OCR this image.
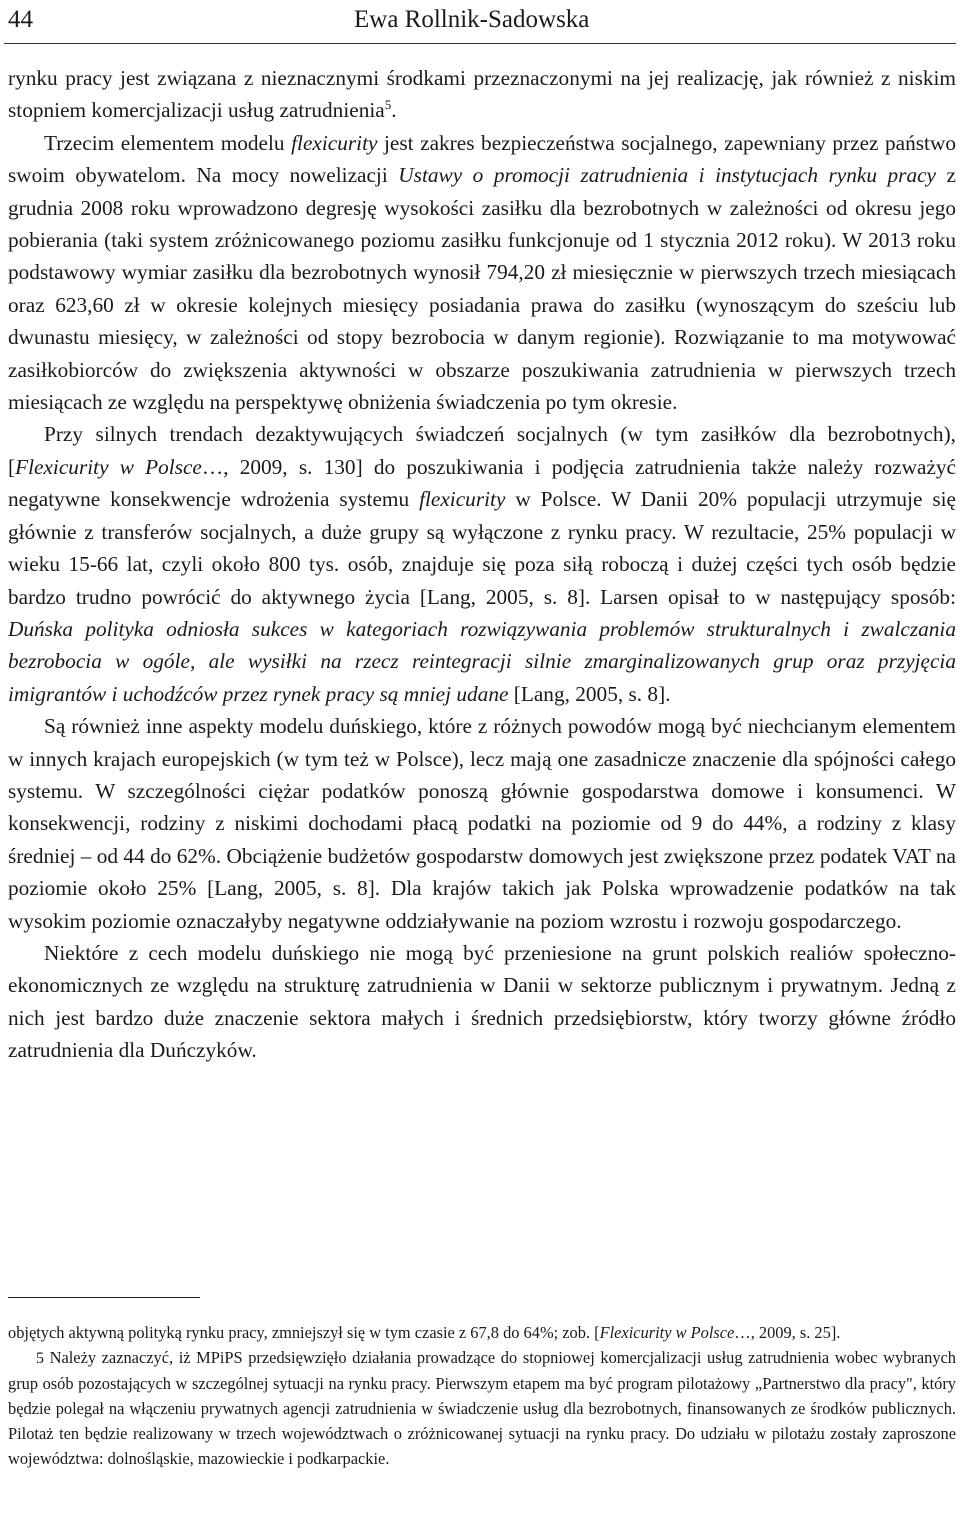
44	Ewa Rollnik-Sadowska

rynku pracy jest związana z nieznacznymi środkami przeznaczonymi na jej realizację, jak również z niskim stopniem komercjalizacji usług zatrudnienia$^5$.

Trzecim elementem modelu flexicurity jest zakres bezpieczeństwa socjalnego, zapewniany przez państwo swoim obywatelom. Na mocy nowelizacji Ustawy o promocji zatrudnienia i instytucjach rynku pracy z grudnia 2008 roku wprowadzono degresję wysokości zasiłku dla bezrobotnych w zależności od okresu jego pobierania (taki system zróżnicowanego poziomu zasiłku funkcjonuje od 1 stycznia 2012 roku). W 2013 roku podstawowy wymiar zasiłku dla bezrobotnych wynosił 794,20 zł miesięcznie w pierwszych trzech miesiącach oraz 623,60 zł w okresie kolejnych miesięcy posiadania prawa do zasiłku (wynoszącym do sześciu lub dwunastu miesięcy, w zależności od stopy bezrobocia w danym regionie). Rozwiązanie to ma motywować zasiłkobiorców do zwiększenia aktywności w obszarze poszukiwania zatrudnienia w pierwszych trzech miesiącach ze względu na perspektywę obniżenia świadczenia po tym okresie.

Przy silnych trendach dezaktywujących świadczeń socjalnych (w tym zasiłków dla bezrobotnych), [Flexicurity w Polsce…, 2009, s. 130] do poszukiwania i podjęcia zatrudnienia także należy rozważyć negatywne konsekwencje wdrożenia systemu flexicurity w Polsce. W Danii 20% populacji utrzymuje się głównie z transferów socjalnych, a duże grupy są wyłączone z rynku pracy. W rezultacie, 25% populacji w wieku 15-66 lat, czyli około 800 tys. osób, znajduje się poza siłą roboczą i dużej części tych osób będzie bardzo trudno powrócić do aktywnego życia [Lang, 2005, s. 8]. Larsen opisał to w następujący sposób: Duńska polityka odniosła sukces w kategoriach rozwiązywania problemów strukturalnych i zwalczania bezrobocia w ogóle, ale wysiłki na rzecz reintegracji silnie zmarginalizowanych grup oraz przyjęcia imigrantów i uchodźców przez rynek pracy są mniej udane [Lang, 2005, s. 8].

Są również inne aspekty modelu duńskiego, które z różnych powodów mogą być niechcianym elementem w innych krajach europejskich (w tym też w Polsce), lecz mają one zasadnicze znaczenie dla spójności całego systemu. W szczególności ciężar podatków ponoszą głównie gospodarstwa domowe i konsumenci. W konsekwencji, rodziny z niskimi dochodami płacą podatki na poziomie od 9 do 44%, a rodziny z klasy średniej – od 44 do 62%. Obciążenie budżetów gospodarstw domowych jest zwiększone przez podatek VAT na poziomie około 25% [Lang, 2005, s. 8]. Dla krajów takich jak Polska wprowadzenie podatków na tak wysokim poziomie oznaczałyby negatywne oddziaływanie na poziom wzrostu i rozwoju gospodarczego.

Niektóre z cech modelu duńskiego nie mogą być przeniesione na grunt polskich realiów społeczno-ekonomicznych ze względu na strukturę zatrudnienia w Danii w sektorze publicznym i prywatnym. Jedną z nich jest bardzo duże znaczenie sektora małych i średnich przedsiębiorstw, który tworzy główne źródło zatrudnienia dla Duńczyków.

objętych aktywną polityką rynku pracy, zmniejszył się w tym czasie z 67,8 do 64%; zob. [Flexicurity w Polsce…, 2009, s. 25].

5 Należy zaznaczyć, iż MPiPS przedsięwzięło działania prowadzące do stopniowej komercjalizacji usług zatrudnienia wobec wybranych grup osób pozostających w szczególnej sytuacji na rynku pracy. Pierwszym etapem ma być program pilotażowy „Partnerstwo dla pracy", który będzie polegał na włączeniu prywatnych agencji zatrudnienia w świadczenie usług dla bezrobotnych, finansowanych ze środków publicznych. Pilotaż ten będzie realizowany w trzech województwach o zróżnicowanej sytuacji na rynku pracy. Do udziału w pilotażu zostały zaproszone województwa: dolnośląskie, mazowieckie i podkarpackie.
